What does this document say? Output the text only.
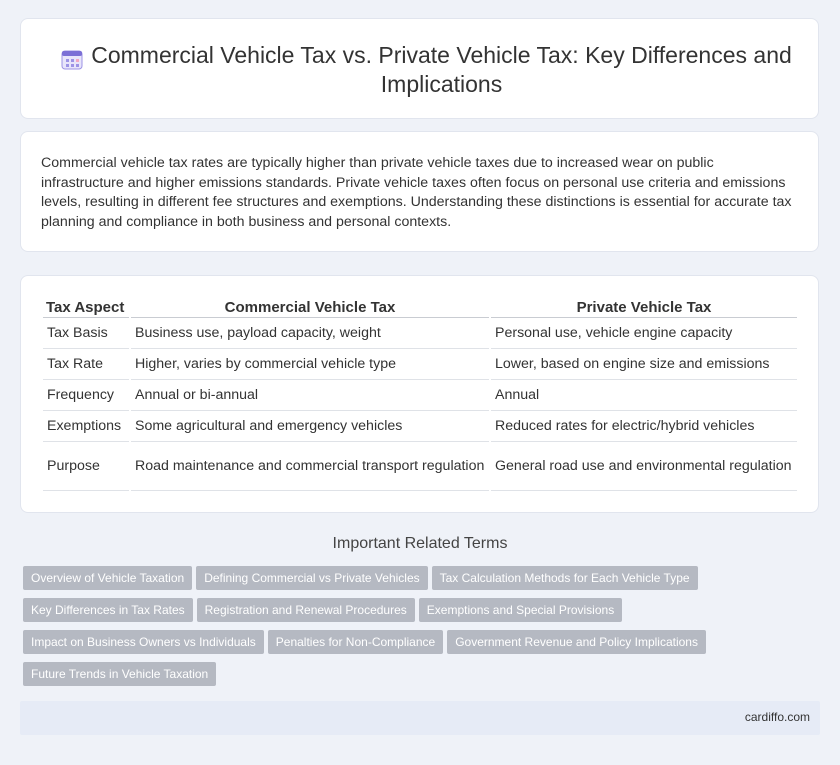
Commercial Vehicle Tax vs. Private Vehicle Tax: Key Differences and Implications

Commercial vehicle tax rates are typically higher than private vehicle taxes due to increased wear on public infrastructure and higher emissions standards. Private vehicle taxes often focus on personal use criteria and emissions levels, resulting in different fee structures and exemptions. Understanding these distinctions is essential for accurate tax planning and compliance in both business and personal contexts.

Tax Aspect	Commercial Vehicle Tax	Private Vehicle Tax
Tax Basis	Business use, payload capacity, weight	Personal use, vehicle engine capacity
Tax Rate	Higher, varies by commercial vehicle type	Lower, based on engine size and emissions
Frequency	Annual or bi-annual	Annual
Exemptions	Some agricultural and emergency vehicles	Reduced rates for electric/hybrid vehicles
Purpose	Road maintenance and commercial transport regulation	General road use and environmental regulation
Important Related Terms
Overview of Vehicle Taxation Defining Commercial vs Private Vehicles Tax Calculation Methods for Each Vehicle Type
Key Differences in Tax Rates Registration and Renewal Procedures Exemptions and Special Provisions
Impact on Business Owners vs Individuals Penalties for Non-Compliance Government Revenue and Policy Implications
Future Trends in Vehicle Taxation
cardiffo.com
